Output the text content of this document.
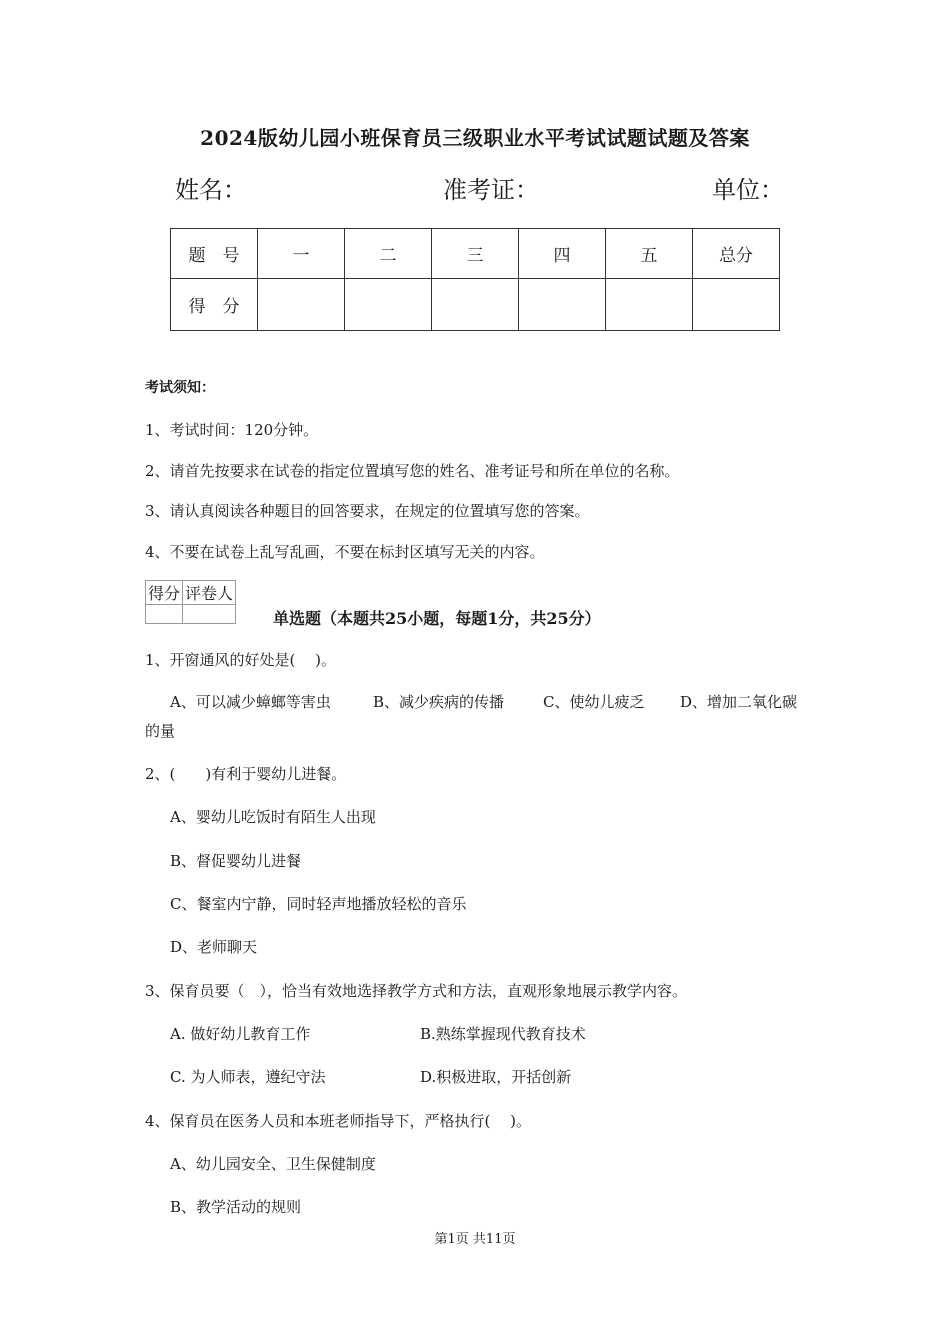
2024版幼儿园小班保育员三级职业水平考试试题试题及答案
姓名：	准考证：	单位：
题　号	一	二	三	四	五	总分
得　分						
考试须知：
1、考试时间：120分钟。
2、请首先按要求在试卷的指定位置填写您的姓名、准考证号和所在单位的名称。
3、请认真阅读各种题目的回答要求，在规定的位置填写您的答案。
4、不要在试卷上乱写乱画，不要在标封区填写无关的内容。
得分	评卷人

单选题（本题共25小题，每题1分，共25分）
1、开窗通风的好处是(　 )。
A、可以减少蟑螂等害虫	B、减少疾病的传播	C、使幼儿疲乏 D、增加二氧化碳
的量
2、(　　)有利于婴幼儿进餐。
A、婴幼儿吃饭时有陌生人出现
B、督促婴幼儿进餐
C、餐室内宁静，同时轻声地播放轻松的音乐
D、老师聊天
3、保育员要（　），恰当有效地选择教学方式和方法，直观形象地展示教学内容。
A. 做好幼儿教育工作	B.熟练掌握现代教育技术
C. 为人师表，遵纪守法	D.积极进取，开括创新
4、保育员在医务人员和本班老师指导下，严格执行(　 )。
A、幼儿园安全、卫生保健制度
B、教学活动的规则
第1页 共11页
